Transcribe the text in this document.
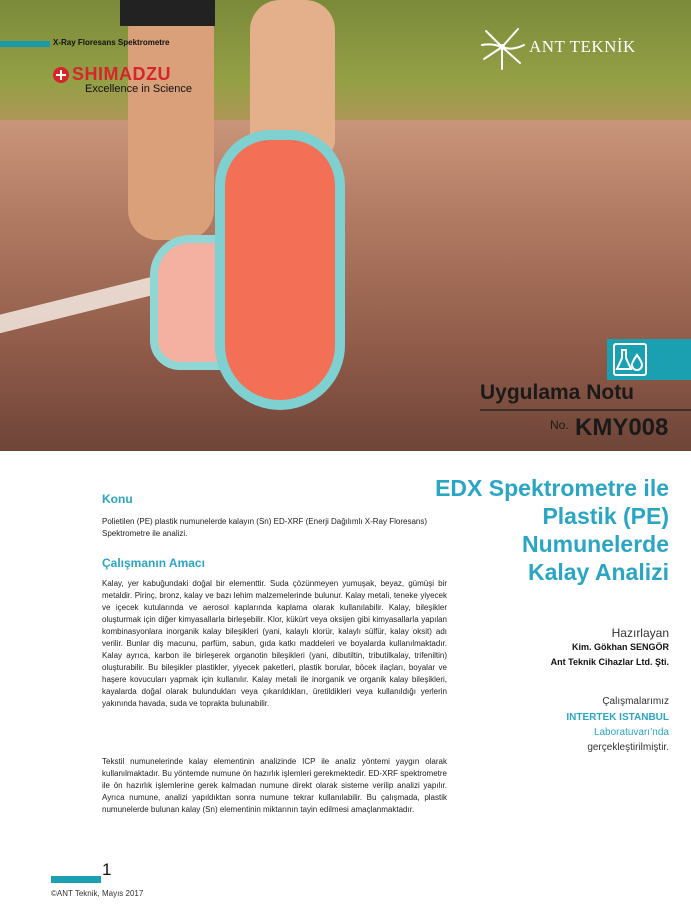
X-Ray Floresans Spektrometre
SHIMADZU
Excellence in Science
ANT TEKNİK
Uygulama Notu
No. KMY008
EDX Spektrometre ile
Plastik (PE)
Numunelerde
Kalay Analizi
Hazırlayan
Kim. Gökhan SENGÖR
Ant Teknik Cihazlar Ltd. Şti.
Çalışmalarımız
INTERTEK ISTANBUL
Laboratuvarı’nda
gerçekleştirilmiştir.
Konu
Polietilen (PE) plastik numunelerde kalayın (Sn) ED-XRF (Enerji Dağılımlı X-Ray Floresans) Spektrometre ile analizi.
Çalışmanın Amacı
Kalay, yer kabuğundaki doğal bir elementtir. Suda çözünmeyen yumuşak, beyaz, gümüşi bir metaldir. Pirinç, bronz, kalay ve bazı lehim malzemelerinde bulunur. Kalay metali, teneke yiyecek ve içecek kutularında ve aerosol kaplarında kaplama olarak kullanılabilir. Kalay, bileşikler oluşturmak için diğer kimyasallarla birleşebilir. Klor, kükürt veya oksijen gibi kimyasallarla yapılan kombinasyonlara inorganik kalay bileşikleri (yani, kalaylı klorür, kalaylı sülfür, kalay oksit) adı verilir. Bunlar diş macunu, parfüm, sabun, gıda katkı maddeleri ve boyalarda kullanılmaktadır. Kalay ayrıca, karbon ile birleşerek organotin bileşikleri (yani, dibutiltin, tributilkalay, trifeniltin) oluşturabilir. Bu bileşikler plastikler, yiyecek paketleri, plastik borular, böcek ilaçları, boyalar ve haşere kovucuları yapmak için kullanılır. Kalay metali ile inorganik ve organik kalay bileşikleri, kayalarda doğal olarak bulundukları veya çıkarıldıkları, üretildikleri veya kullanıldığı yerlerin yakınında havada, suda ve toprakta bulunabilir.
Tekstil numunelerinde kalay elementinin analizinde ICP ile analiz yöntemi yaygın olarak kullanılmaktadır. Bu yöntemde numune ön hazırlık işlemleri gerekmektedir. ED-XRF spektrometre ile ön hazırlık işlemlerine gerek kalmadan numune direkt olarak sisteme verilip analizi yapılır. Ayrıca numune, analizi yapıldıktan sonra numune tekrar kullanılabilir. Bu çalışmada, plastik numunelerde bulunan kalay (Sn) elementinin miktarının tayin edilmesi amaçlanmaktadır.
1
©ANT Teknik, Mayıs 2017
